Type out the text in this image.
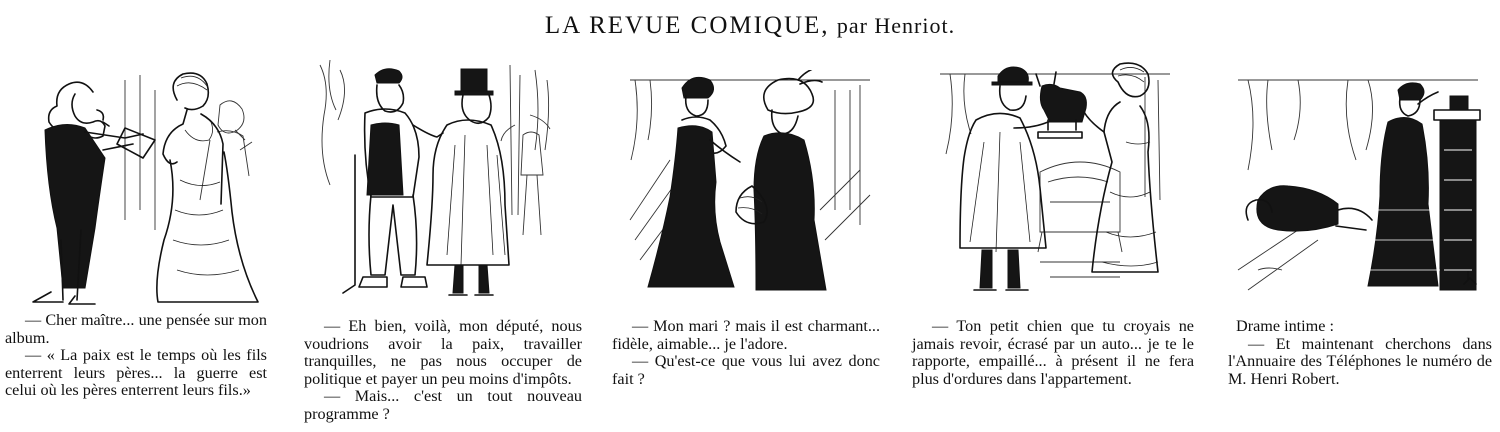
LA REVUE COMIQUE, par Henriot.

— Cher maître... une pensée sur mon album.

— « La paix est le temps où les fils enterrent leurs pères... la guerre est celui où les pères enterrent leurs fils.»

— Eh bien, voilà, mon député, nous voudrions avoir la paix, travailler tranquilles, ne pas nous occuper de politique et payer un peu moins d'impôts.

— Mais... c'est un tout nouveau programme ?

— Mon mari ? mais il est charmant... fidèle, aimable... je l'adore.

— Qu'est-ce que vous lui avez donc fait ?

— Ton petit chien que tu croyais ne jamais revoir, écrasé par un auto... je te le rapporte, empaillé... à présent il ne fera plus d'ordures dans l'appartement.

Drame intime :

— Et maintenant cherchons dans l'Annuaire des Téléphones le numéro de M. Henri Robert.
